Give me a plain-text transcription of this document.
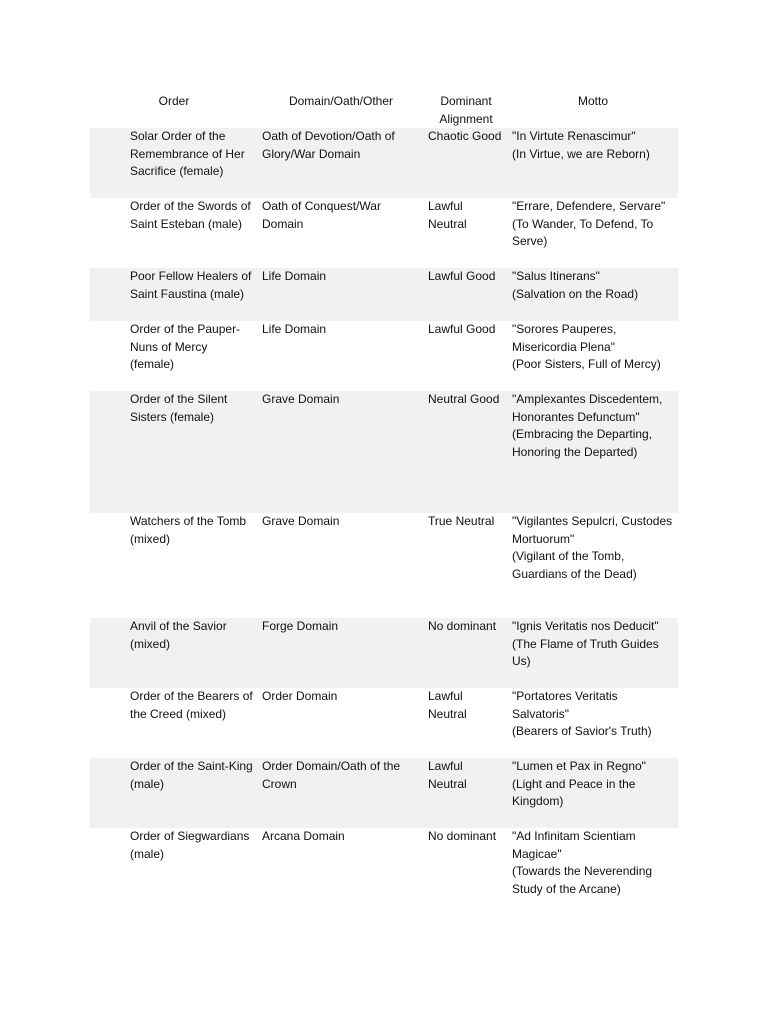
Order	Domain/Oath/Other	Dominant Alignment	Motto
Solar Order of the Remembrance of Her Sacrifice (female)	Oath of Devotion/Oath of Glory/War Domain	Chaotic Good	"In Virtute Renascimur"
(In Virtue, we are Reborn)

Order of the Swords of Saint Esteban (male)	Oath of Conquest/War Domain	Lawful Neutral	"Errare, Defendere, Servare"
(To Wander, To Defend, To Serve)

Poor Fellow Healers of Saint Faustina (male)	Life Domain	Lawful Good	"Salus Itinerans"
(Salvation on the Road)

Order of the Pauper-Nuns of Mercy (female)	Life Domain	Lawful Good	"Sorores Pauperes, Misericordia Plena"
(Poor Sisters, Full of Mercy)

Order of the Silent Sisters (female)	Grave Domain	Neutral Good	"Amplexantes Discedentem, Honorantes Defunctum"
(Embracing the Departing, Honoring the Departed)

Watchers of the Tomb (mixed)	Grave Domain	True Neutral	"Vigilantes Sepulcri, Custodes Mortuorum"
(Vigilant of the Tomb, Guardians of the Dead)

Anvil of the Savior (mixed)	Forge Domain	No dominant	"Ignis Veritatis nos Deducit"
(The Flame of Truth Guides Us)

Order of the Bearers of the Creed (mixed)	Order Domain	Lawful Neutral	"Portatores Veritatis Salvatoris"
(Bearers of Savior's Truth)

Order of the Saint-King (male)	Order Domain/Oath of the Crown	Lawful Neutral	"Lumen et Pax in Regno"
(Light and Peace in the Kingdom)

Order of Siegwardians (male)	Arcana Domain	No dominant	"Ad Infinitam Scientiam Magicae"
(Towards the Neverending Study of the Arcane)
